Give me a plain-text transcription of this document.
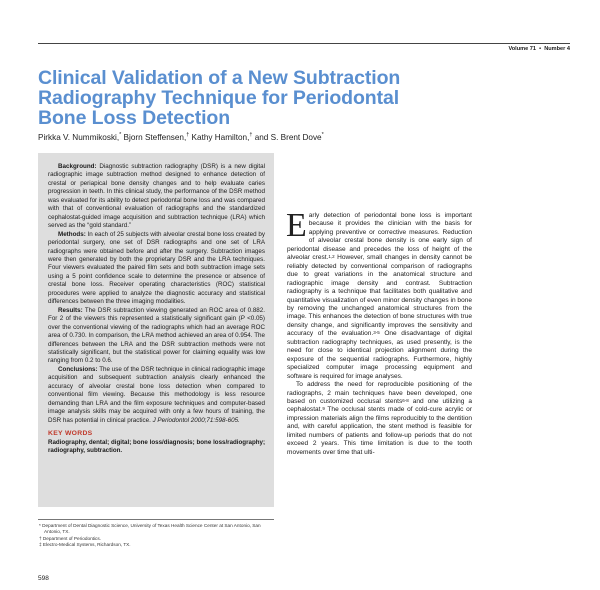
Volume 71  •  Number 4
Clinical Validation of a New Subtraction
Radiography Technique for Periodontal
Bone Loss Detection
Pirkka V. Nummikoski,* Bjorn Steffensen,† Kathy Hamilton,† and S. Brent Dove*

Background: Diagnostic subtraction radiography (DSR) is a new digital radiographic image subtraction method designed to enhance detection of crestal or periapical bone density changes and to help evaluate caries progression in teeth. In this clinical study, the performance of the DSR method was evaluated for its ability to detect periodontal bone loss and was compared with that of conventional evaluation of radiographs and the standardized cephalostat-guided image acquisition and subtraction technique (LRA) which served as the “gold standard.”

Methods: In each of 25 subjects with alveolar crestal bone loss created by periodontal surgery, one set of DSR radiographs and one set of LRA radiographs were obtained before and after the surgery. Subtraction images were then generated by both the proprietary DSR and the LRA techniques. Four viewers evaluated the paired film sets and both subtraction image sets using a 5 point confidence scale to determine the presence or absence of crestal bone loss. Receiver operating characteristics (ROC) statistical procedures were applied to analyze the diagnostic accuracy and statistical differences between the three imaging modalities.

Results: The DSR subtraction viewing generated an ROC area of 0.882. For 2 of the viewers this represented a statistically significant gain (P <0.05) over the conventional viewing of the radiographs which had an average ROC area of 0.730. In comparison, the LRA method achieved an area of 0.954. The differences between the LRA and the DSR subtraction methods were not statistically significant, but the statistical power for claiming equality was low ranging from 0.2 to 0.6.

Conclusions: The use of the DSR technique in clinical radiographic image acquisition and subsequent subtraction analysis clearly enhanced the accuracy of alveolar crestal bone loss detection when compared to conventional film viewing. Because this methodology is less resource demanding than LRA and the film exposure techniques and computer-based image analysis skills may be acquired with only a few hours of training, the DSR has potential in clinical practice. J Periodontol 2000;71:598-605.

KEY WORDS

Radiography, dental; digital; bone loss/diagnosis; bone loss/radiography; radiography, subtraction.

* Department of Dental Diagnostic Science, University of Texas Health Science Center at San Antonio, San Antonio, TX.
† Department of Periodontics.
‡ Electro-Medical Systems, Richardson, TX.
598

Early detection of periodontal bone loss is important because it provides the clinician with the basis for applying preventive or corrective measures. Reduction of alveolar crestal bone density is one early sign of periodontal disease and precedes the loss of height of the alveolar crest.$^{1,2}$ However, small changes in density cannot be reliably detected by conventional comparison of radiographs due to great variations in the anatomical structure and radiographic image density and contrast. Subtraction radiography is a technique that facilitates both qualitative and quantitative visualization of even minor density changes in bone by removing the unchanged anatomical structures from the image. This enhances the detection of bone structures with true density change, and significantly improves the sensitivity and accuracy of the evaluation.$^{3-5}$ One disadvantage of digital subtraction radiography techniques, as used presently, is the need for close to identical projection alignment during the exposure of the sequential radiographs. Furthermore, highly specialized computer image processing equipment and software is required for image analyses.

To address the need for reproducible positioning of the radiographs, 2 main techniques have been developed, one based on customized occlusal stents$^{6-8}$ and one utilizing a cephalostat.$^9$ The occlusal stents made of cold-cure acrylic or impression materials align the films reproducibly to the dentition and, with careful application, the stent method is feasible for limited numbers of patients and follow-up periods that do not exceed 2 years. This time limitation is due to the tooth movements over time that ulti-
